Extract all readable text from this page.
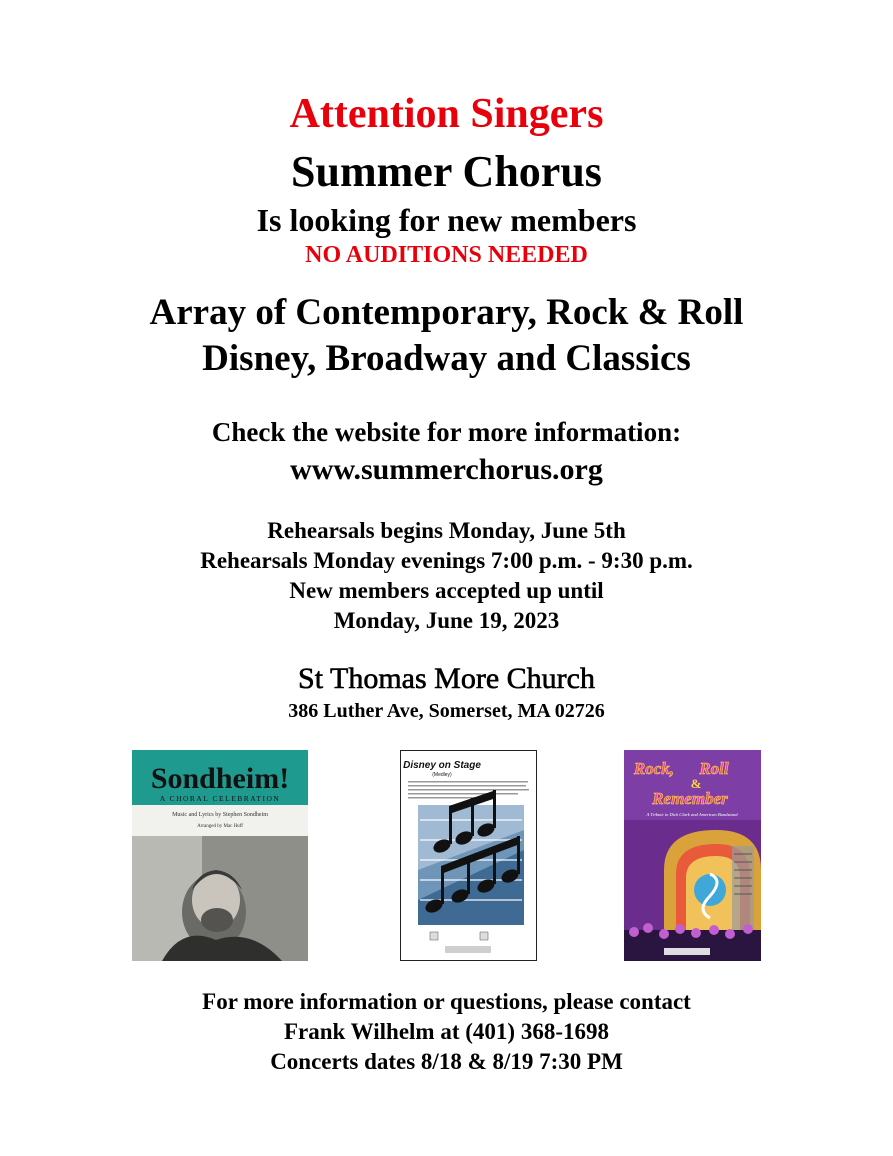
Attention Singers
Summer Chorus
Is looking for new members
NO AUDITIONS NEEDED
Array of Contemporary, Rock & Roll
Disney, Broadway and Classics
Check the website for more information:
www.summerchorus.org
Rehearsals begins Monday, June 5th
Rehearsals Monday evenings 7:00 p.m. - 9:30 p.m.
New members accepted up until
Monday, June 19, 2023
St Thomas More Church
386 Luther Ave, Somerset, MA 02726
Sondheim!
A CHORAL CELEBRATION
Music and Lyrics by Stephen Sondheim
Arranged by Mac Huff
Disney on Stage
(Medley)	Rock, Roll
&
Remember
A Tribute to Dick Clark and American Bandstand
For more information or questions, please contact
Frank Wilhelm at (401) 368-1698
Concerts dates 8/18 & 8/19 7:30 PM
